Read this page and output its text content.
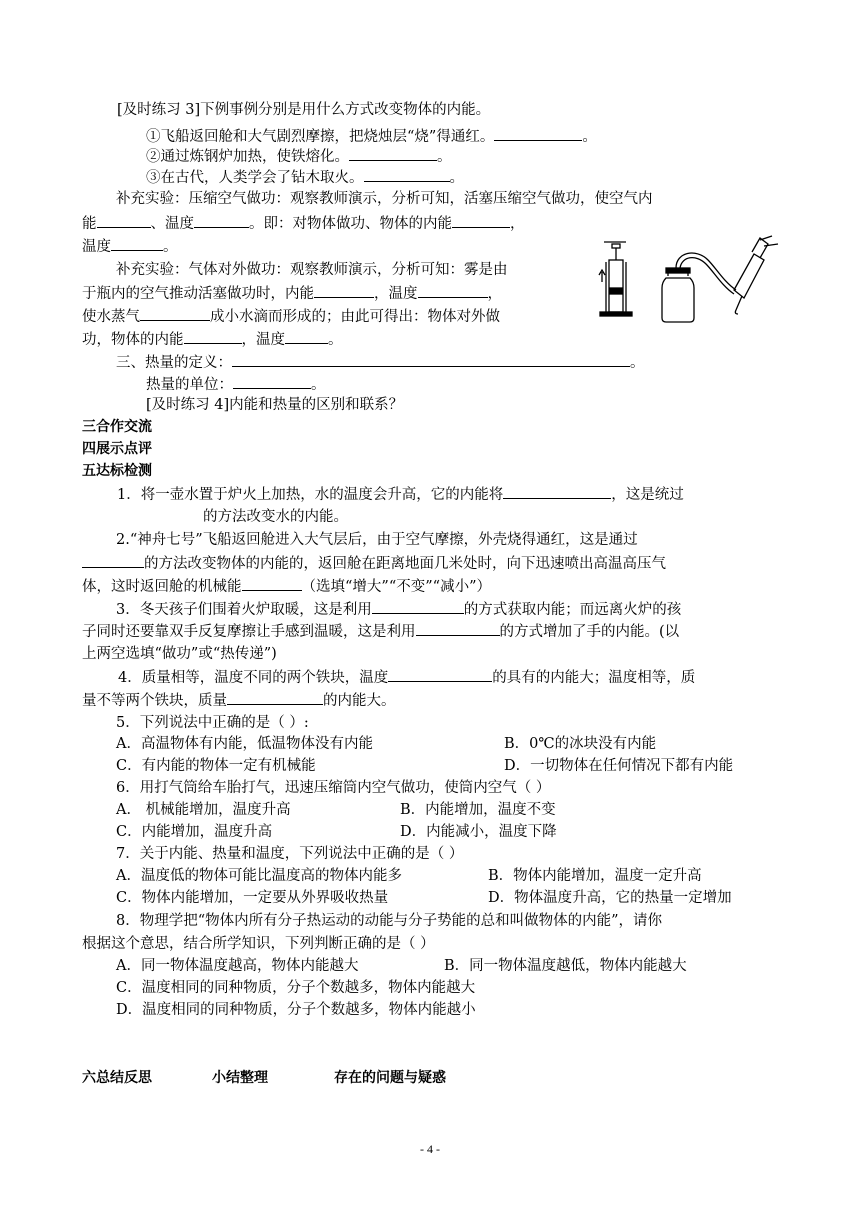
[及时练习 3]下例事例分别是用什么方式改变物体的内能。
①飞船返回舱和大气剧烈摩擦，把烧烛层“烧”得通红。	。
②通过炼钢炉加热，使铁熔化。	。
③在古代，人类学会了钻木取火。	。
补充实验：压缩空气做功：观察教师演示，分析可知，活塞压缩空气做功，使空气内
能	、温度	。即：对物体做功、物体的内能	，
温度	。
补充实验：气体对外做功：观察教师演示，分析可知：雾是由
于瓶内的空气推动活塞做功时，内能	，温度	，
使水蒸气	成小水滴而形成的；由此可得出：物体对外做
功，物体的内能	，温度	。
三、热量的定义：	。
热量的单位：	。
[及时练习 4]内能和热量的区别和联系？
三合作交流
四展示点评
五达标检测
1．将一壶水置于炉火上加热，水的温度会升高，它的内能将	，这是统过
的方法改变水的内能。
2.“神舟七号”飞船返回舱进入大气层后，由于空气摩擦，外壳烧得通红，这是通过
的方法改变物体的内能的，返回舱在距离地面几米处时，向下迅速喷出高温高压气
体，这时返回舱的机械能	（选填“增大”“不变”“减小”）
3．冬天孩子们围着火炉取暖，这是利用	的方式获取内能；而远离火炉的孩
子同时还要靠双手反复摩擦让手感到温暖，这是利用	的方式增加了手的内能。(以
上两空选填“做功”或“热传递”)
4．质量相等，温度不同的两个铁块，温度	的具有的内能大；温度相等，质
量不等两个铁块，质量	的内能大。
5．下列说法中正确的是（ ）:
A．高温物体有内能，低温物体没有内能	B．0℃的冰块没有内能
C．有内能的物体一定有机械能	D．一切物体在任何情况下都有内能
6．用打气筒给车胎打气，迅速压缩筒内空气做功，使筒内空气（ ）
A． 机械能增加，温度升高	B．内能增加，温度不变
C．内能增加，温度升高	D．内能减小，温度下降
7．关于内能、热量和温度，下列说法中正确的是（ ）
A．温度低的物体可能比温度高的物体内能多	B．物体内能增加，温度一定升高
C．物体内能增加，一定要从外界吸收热量	D．物体温度升高，它的热量一定增加
8．物理学把“物体内所有分子热运动的动能与分子势能的总和叫做物体的内能”，请你
根据这个意思，结合所学知识，下列判断正确的是（ ）
A．同一物体温度越高，物体内能越大	B．同一物体温度越低，物体内能越大
C．温度相同的同种物质，分子个数越多，物体内能越大
D．温度相同的同种物质，分子个数越多，物体内能越小
六总结反思	小结整理	存在的问题与疑惑
- 4 -
